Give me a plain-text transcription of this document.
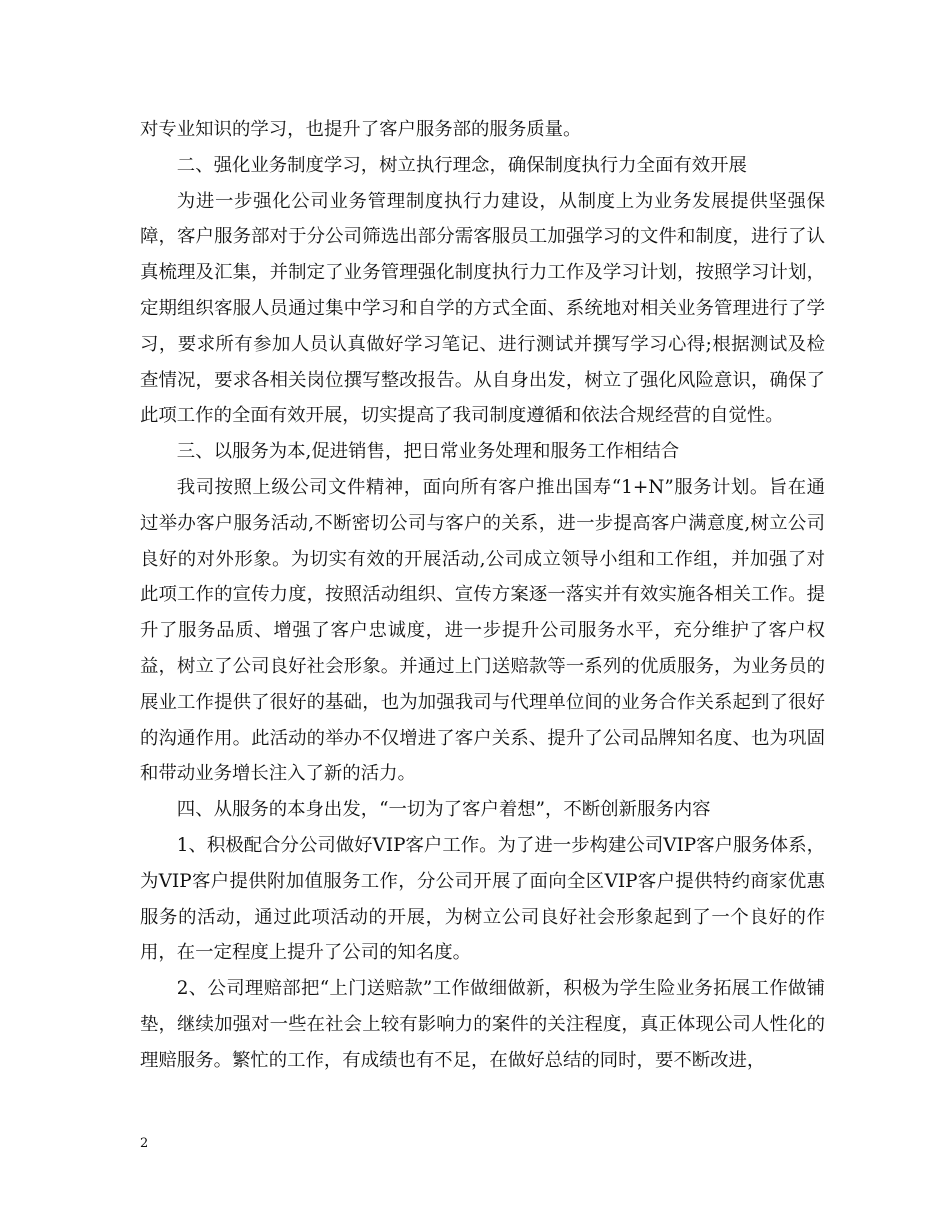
对专业知识的学习，也提升了客户服务部的服务质量。

二、强化业务制度学习，树立执行理念，确保制度执行力全面有效开展

为进一步强化公司业务管理制度执行力建设，从制度上为业务发展提供坚强保障，客户服务部对于分公司筛选出部分需客服员工加强学习的文件和制度，进行了认真梳理及汇集，并制定了业务管理强化制度执行力工作及学习计划，按照学习计划，定期组织客服人员通过集中学习和自学的方式全面、系统地对相关业务管理进行了学习，要求所有参加人员认真做好学习笔记、进行测试并撰写学习心得;根据测试及检查情况，要求各相关岗位撰写整改报告。从自身出发，树立了强化风险意识，确保了此项工作的全面有效开展，切实提高了我司制度遵循和依法合规经营的自觉性。

三、以服务为本,促进销售，把日常业务处理和服务工作相结合

我司按照上级公司文件精神，面向所有客户推出国寿“1+N”服务计划。旨在通过举办客户服务活动,不断密切公司与客户的关系，进一步提高客户满意度,树立公司良好的对外形象。为切实有效的开展活动,公司成立领导小组和工作组，并加强了对此项工作的宣传力度，按照活动组织、宣传方案逐一落实并有效实施各相关工作。提升了服务品质、增强了客户忠诚度，进一步提升公司服务水平，充分维护了客户权益，树立了公司良好社会形象。并通过上门送赔款等一系列的优质服务，为业务员的展业工作提供了很好的基础，也为加强我司与代理单位间的业务合作关系起到了很好的沟通作用。此活动的举办不仅增进了客户关系、提升了公司品牌知名度、也为巩固和带动业务增长注入了新的活力。

四、从服务的本身出发，“一切为了客户着想”，不断创新服务内容

1、积极配合分公司做好VIP客户工作。为了进一步构建公司VIP客户服务体系，为VIP客户提供附加值服务工作，分公司开展了面向全区VIP客户提供特约商家优惠服务的活动，通过此项活动的开展，为树立公司良好社会形象起到了一个良好的作用，在一定程度上提升了公司的知名度。

2、公司理赔部把“上门送赔款”工作做细做新，积极为学生险业务拓展工作做铺垫，继续加强对一些在社会上较有影响力的案件的关注程度，真正体现公司人性化的理赔服务。繁忙的工作，有成绩也有不足，在做好总结的同时，要不断改进，

2
